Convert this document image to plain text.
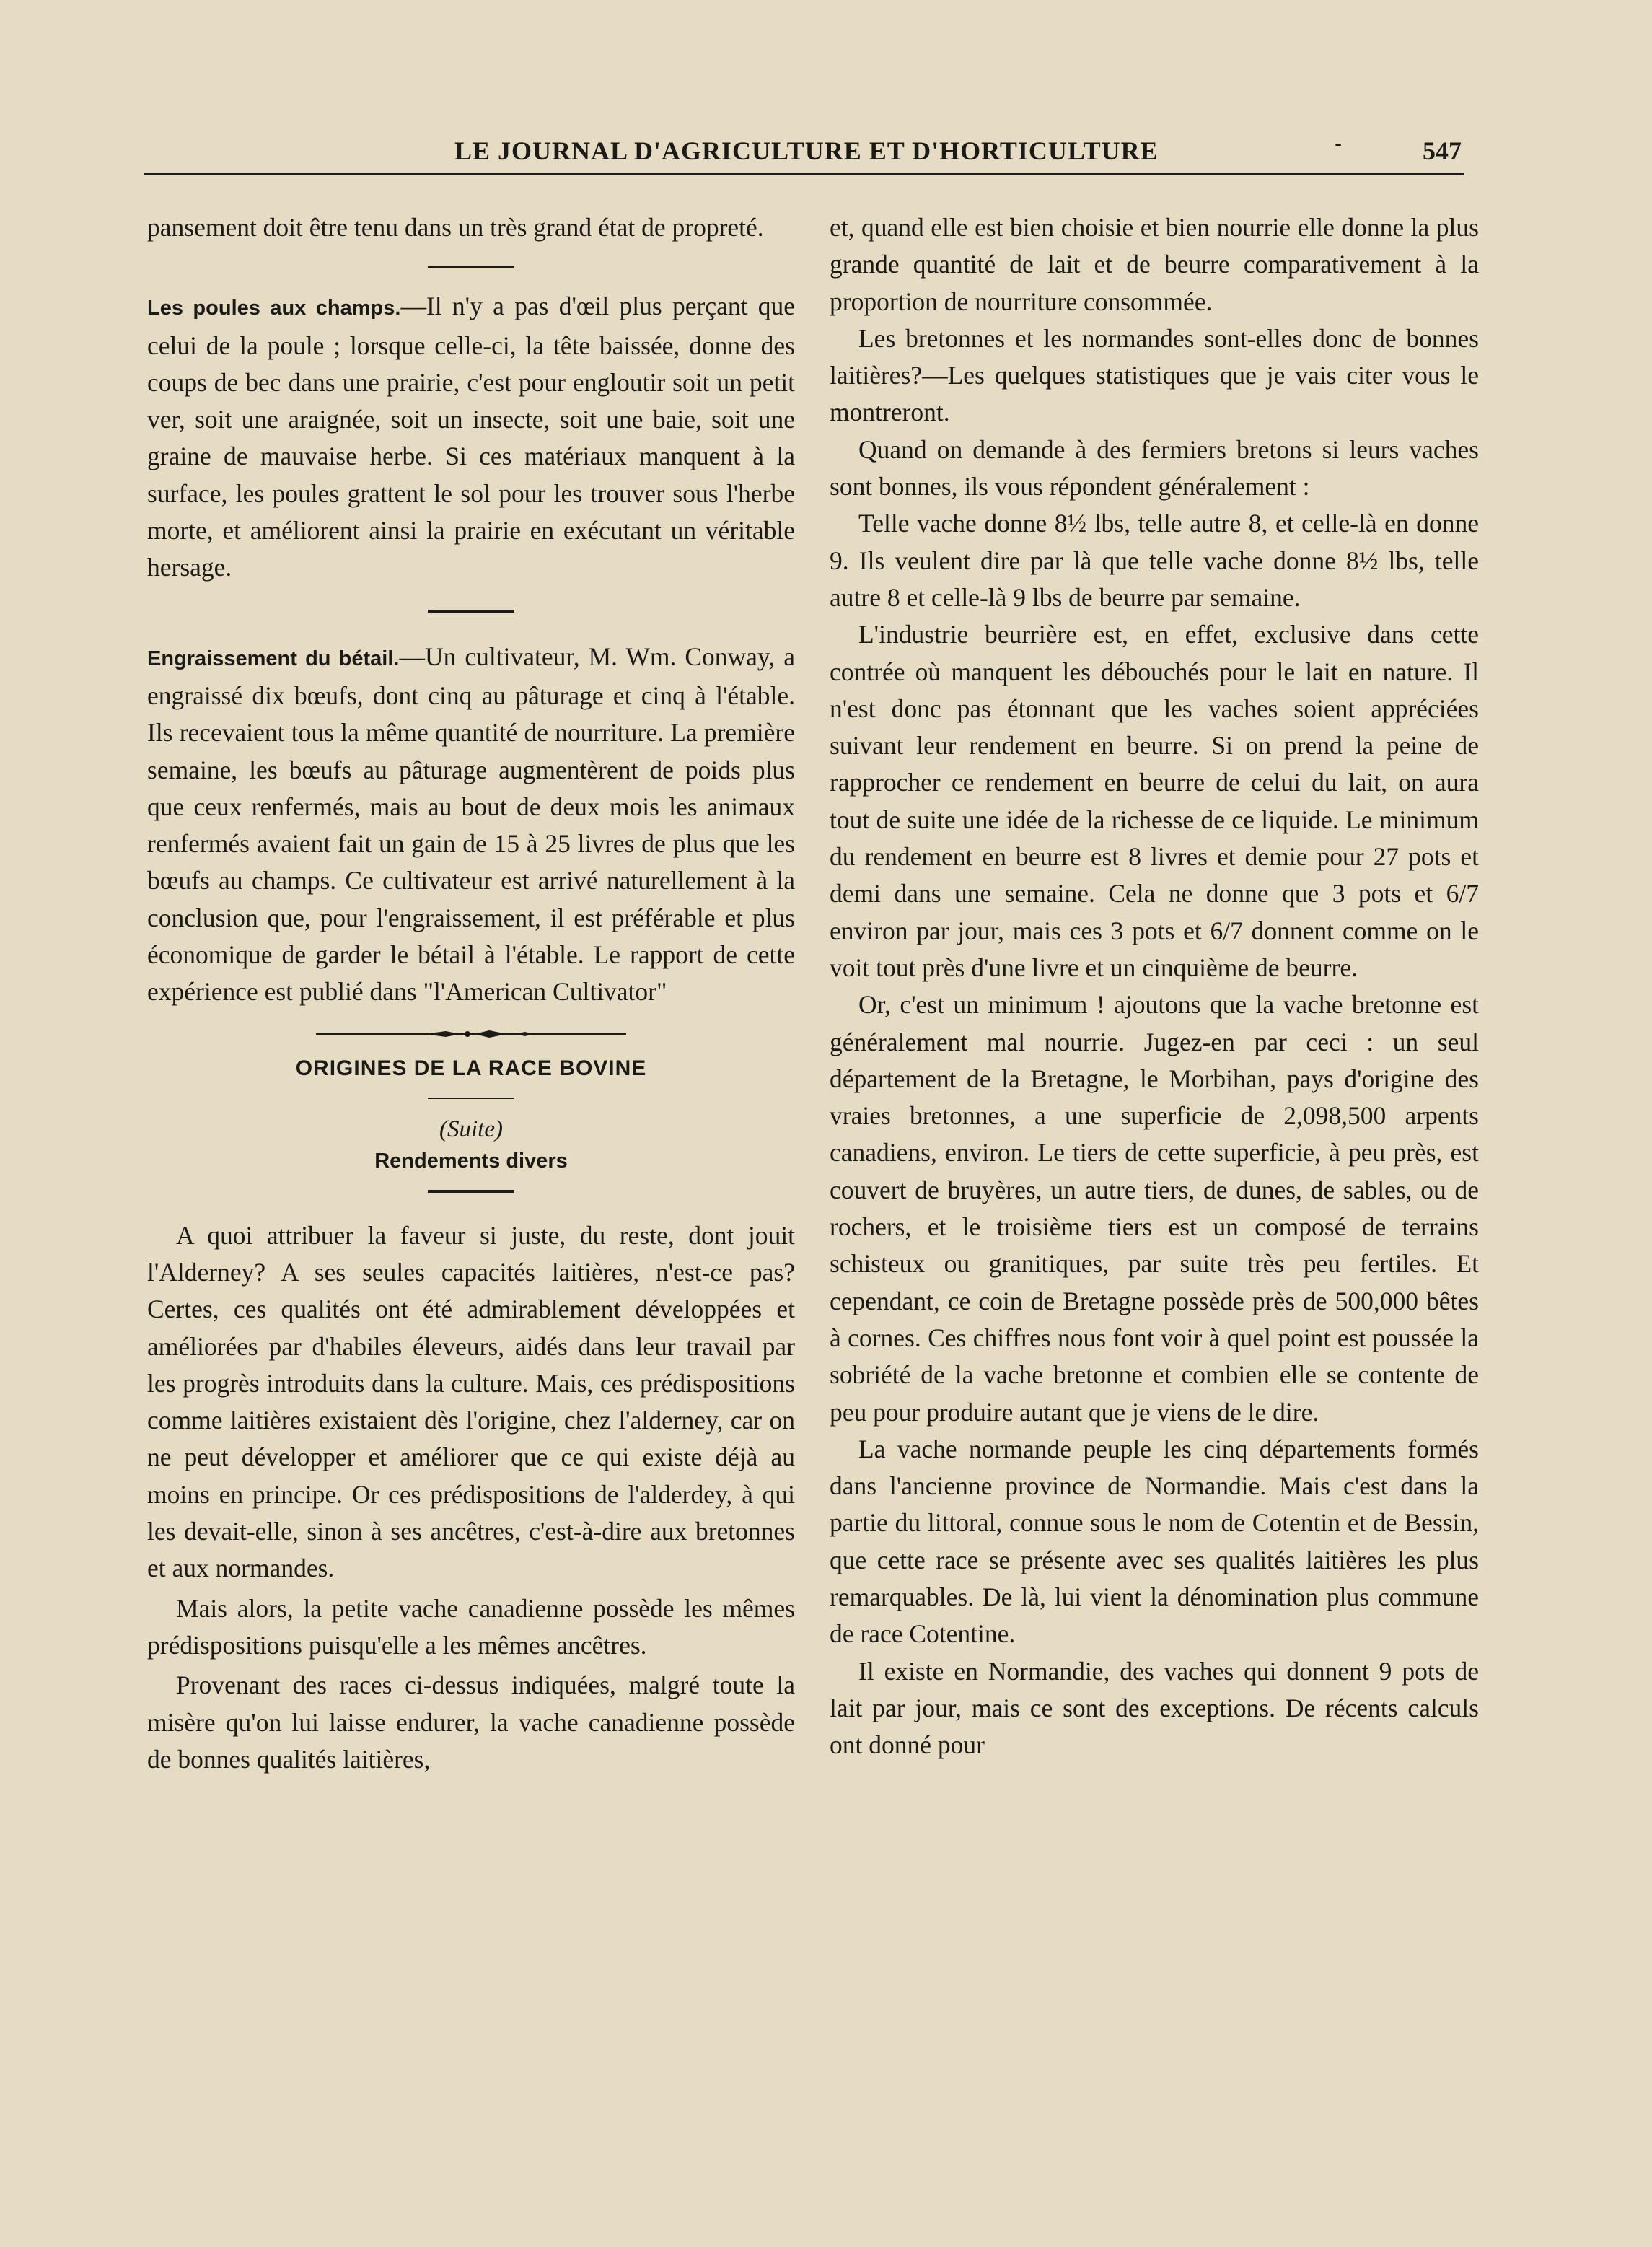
LE JOURNAL D'AGRICULTURE ET D'HORTICULTURE	-	547

pansement doit être tenu dans un très grand état de propreté.

Les poules aux champs.—Il n'y a pas d'œil plus perçant que celui de la poule ; lorsque celle-ci, la tête baissée, donne des coups de bec dans une prairie, c'est pour engloutir soit un petit ver, soit une araignée, soit un insecte, soit une baie, soit une graine de mauvaise herbe. Si ces matériaux manquent à la surface, les poules grattent le sol pour les trouver sous l'herbe morte, et améliorent ainsi la prairie en exécutant un véritable hersage.

Engraissement du bétail.—Un cultivateur, M. Wm. Conway, a engraissé dix bœufs, dont cinq au pâturage et cinq à l'étable. Ils recevaient tous la même quantité de nourriture. La première semaine, les bœufs au pâturage augmentèrent de poids plus que ceux renfermés, mais au bout de deux mois les animaux renfermés avaient fait un gain de 15 à 25 livres de plus que les bœufs au champs. Ce cultivateur est arrivé naturellement à la conclusion que, pour l'engraissement, il est préférable et plus économique de garder le bétail à l'étable. Le rapport de cette expérience est publié dans "l'American Cultivator"

ORIGINES DE LA RACE BOVINE

(Suite)

Rendements divers

A quoi attribuer la faveur si juste, du reste, dont jouit l'Alderney? A ses seules capacités laitières, n'est-ce pas? Certes, ces qualités ont été admirablement développées et améliorées par d'habiles éleveurs, aidés dans leur travail par les progrès introduits dans la culture. Mais, ces prédispositions comme laitières existaient dès l'origine, chez l'alderney, car on ne peut développer et améliorer que ce qui existe déjà au moins en principe. Or ces prédispositions de l'alderdey, à qui les devait-elle, sinon à ses ancêtres, c'est-à-dire aux bretonnes et aux normandes.

Mais alors, la petite vache canadienne possède les mêmes prédispositions puisqu'elle a les mêmes ancêtres.

Provenant des races ci-dessus indiquées, malgré toute la misère qu'on lui laisse endurer, la vache canadienne possède de bonnes qualités laitières,

et, quand elle est bien choisie et bien nourrie elle donne la plus grande quantité de lait et de beurre comparativement à la proportion de nourriture consommée.

Les bretonnes et les normandes sont-elles donc de bonnes laitières?—Les quelques statistiques que je vais citer vous le montreront.

Quand on demande à des fermiers bretons si leurs vaches sont bonnes, ils vous répondent généralement :

Telle vache donne 8½ lbs, telle autre 8, et celle-là en donne 9. Ils veulent dire par là que telle vache donne 8½ lbs, telle autre 8 et celle-là 9 lbs de beurre par semaine.

L'industrie beurrière est, en effet, exclusive dans cette contrée où manquent les débouchés pour le lait en nature. Il n'est donc pas étonnant que les vaches soient appréciées suivant leur rendement en beurre. Si on prend la peine de rapprocher ce rendement en beurre de celui du lait, on aura tout de suite une idée de la richesse de ce liquide. Le minimum du rendement en beurre est 8 livres et demie pour 27 pots et demi dans une semaine. Cela ne donne que 3 pots et 6/7 environ par jour, mais ces 3 pots et 6/7 donnent comme on le voit tout près d'une livre et un cinquième de beurre.

Or, c'est un minimum ! ajoutons que la vache bretonne est généralement mal nourrie. Jugez-en par ceci : un seul département de la Bretagne, le Morbihan, pays d'origine des vraies bretonnes, a une superficie de 2,098,500 arpents canadiens, environ. Le tiers de cette superficie, à peu près, est couvert de bruyères, un autre tiers, de dunes, de sables, ou de rochers, et le troisième tiers est un composé de terrains schisteux ou granitiques, par suite très peu fertiles. Et cependant, ce coin de Bretagne possède près de 500,000 bêtes à cornes. Ces chiffres nous font voir à quel point est poussée la sobriété de la vache bretonne et combien elle se contente de peu pour produire autant que je viens de le dire.

La vache normande peuple les cinq départements formés dans l'ancienne province de Normandie. Mais c'est dans la partie du littoral, connue sous le nom de Cotentin et de Bessin, que cette race se présente avec ses qualités laitières les plus remarquables. De là, lui vient la dénomination plus commune de race Cotentine.

Il existe en Normandie, des vaches qui donnent 9 pots de lait par jour, mais ce sont des exceptions. De récents calculs ont donné pour
